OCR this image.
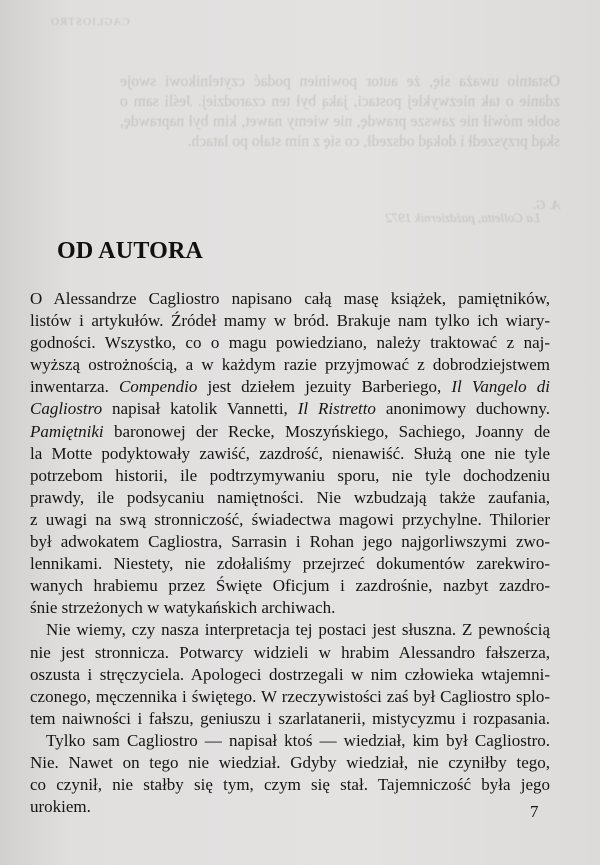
CAGLIOSTRO
Ostatnio uważa się, że autor powinien podać czytelnikowi swoje zdanie o tak niezwykłej postaci, jaką był ten czarodziej. Jeśli sam o sobie mówił nie zawsze prawdę, nie wiemy nawet, kim był naprawdę, skąd przyszedł i dokąd odszedł, co się z nim stało po latach.
A. G.
La Colletta, październik 1972
OD AUTORA
O Alessandrze Cagliostro napisano całą masę książek, pamiętników,
listów i artykułów. Źródeł mamy w bród. Brakuje nam tylko ich wiary-
godności. Wszystko, co o magu powiedziano, należy traktować z naj-
wyższą ostrożnością, a w każdym razie przyjmować z dobrodziejstwem
inwentarza. Compendio jest dziełem jezuity Barberiego, Il Vangelo di
Cagliostro napisał katolik Vannetti, Il Ristretto anonimowy duchowny.
Pamiętniki baronowej der Recke, Moszyńskiego, Sachiego, Joanny de
la Motte podyktowały zawiść, zazdrość, nienawiść. Służą one nie tyle
potrzebom historii, ile podtrzymywaniu sporu, nie tyle dochodzeniu
prawdy, ile podsycaniu namiętności. Nie wzbudzają także zaufania,
z uwagi na swą stronniczość, świadectwa magowi przychylne. Thilorier
był adwokatem Cagliostra, Sarrasin i Rohan jego najgorliwszymi zwo-
lennikami. Niestety, nie zdołaliśmy przejrzeć dokumentów zarekwiro-
wanych hrabiemu przez Święte Oficjum i zazdrośnie, nazbyt zazdro-
śnie strzeżonych w watykańskich archiwach.
Nie wiemy, czy nasza interpretacja tej postaci jest słuszna. Z pewnością
nie jest stronnicza. Potwarcy widzieli w hrabim Alessandro fałszerza,
oszusta i stręczyciela. Apologeci dostrzegali w nim człowieka wtajemni-
czonego, męczennika i świętego. W rzeczywistości zaś był Cagliostro splo-
tem naiwności i fałszu, geniuszu i szarlatanerii, mistycyzmu i rozpasania.
Tylko sam Cagliostro — napisał ktoś — wiedział, kim był Cagliostro.
Nie. Nawet on tego nie wiedział. Gdyby wiedział, nie czyniłby tego,
co czynił, nie stałby się tym, czym się stał. Tajemniczość była jego
urokiem.	7
